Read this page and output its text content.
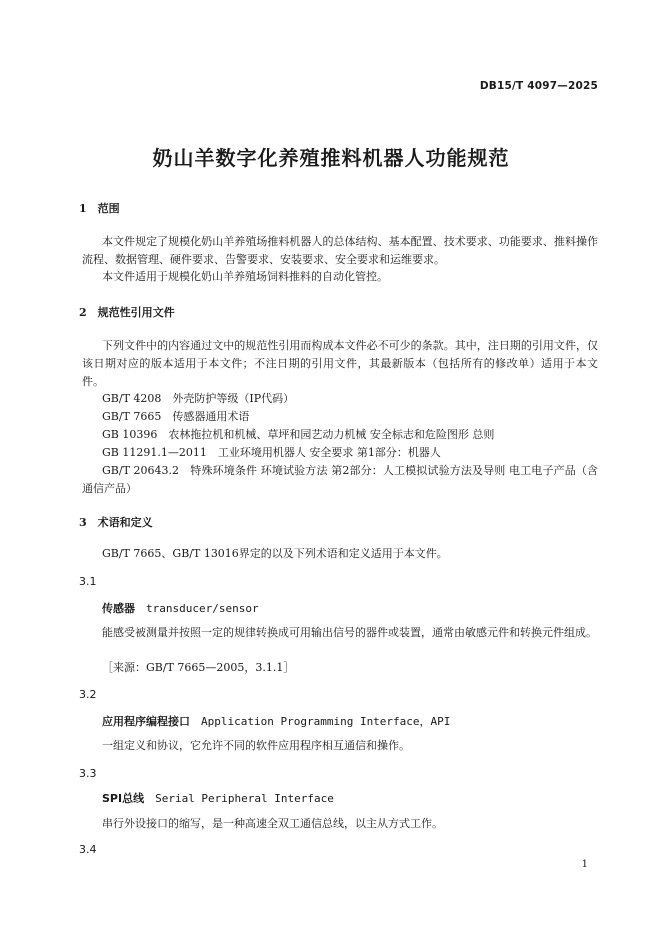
DB15/T 4097—2025
奶山羊数字化养殖推料机器人功能规范
1　范围
本文件规定了规模化奶山羊养殖场推料机器人的总体结构、基本配置、技术要求、功能要求、推料操作流程、数据管理、硬件要求、告警要求、安装要求、安全要求和运维要求。
本文件适用于规模化奶山羊养殖场饲料推料的自动化管控。
2　规范性引用文件
下列文件中的内容通过文中的规范性引用而构成本文件必不可少的条款。其中，注日期的引用文件，仅该日期对应的版本适用于本文件；不注日期的引用文件，其最新版本（包括所有的修改单）适用于本文件。
GB/T 4208　外壳防护等级（IP代码）
GB/T 7665　传感器通用术语
GB 10396　农林拖拉机和机械、草坪和园艺动力机械 安全标志和危险图形 总则
GB 11291.1—2011　工业环境用机器人 安全要求 第1部分：机器人
GB/T 20643.2　特殊环境条件 环境试验方法 第2部分：人工模拟试验方法及导则 电工电子产品（含通信产品）
3　术语和定义
GB/T 7665、GB/T 13016界定的以及下列术语和定义适用于本文件。
3.1
传感器　 transducer/sensor
能感受被测量并按照一定的规律转换成可用输出信号的器件或装置，通常由敏感元件和转换元件组成。
［来源：GB/T 7665—2005，3.1.1］
3.2
应用程序编程接口　 Application Programming Interface，API
一组定义和协议，它允许不同的软件应用程序相互通信和操作。
3.3
SPI总线　 Serial Peripheral Interface
串行外设接口的缩写，是一种高速全双工通信总线，以主从方式工作。
3.4
1
